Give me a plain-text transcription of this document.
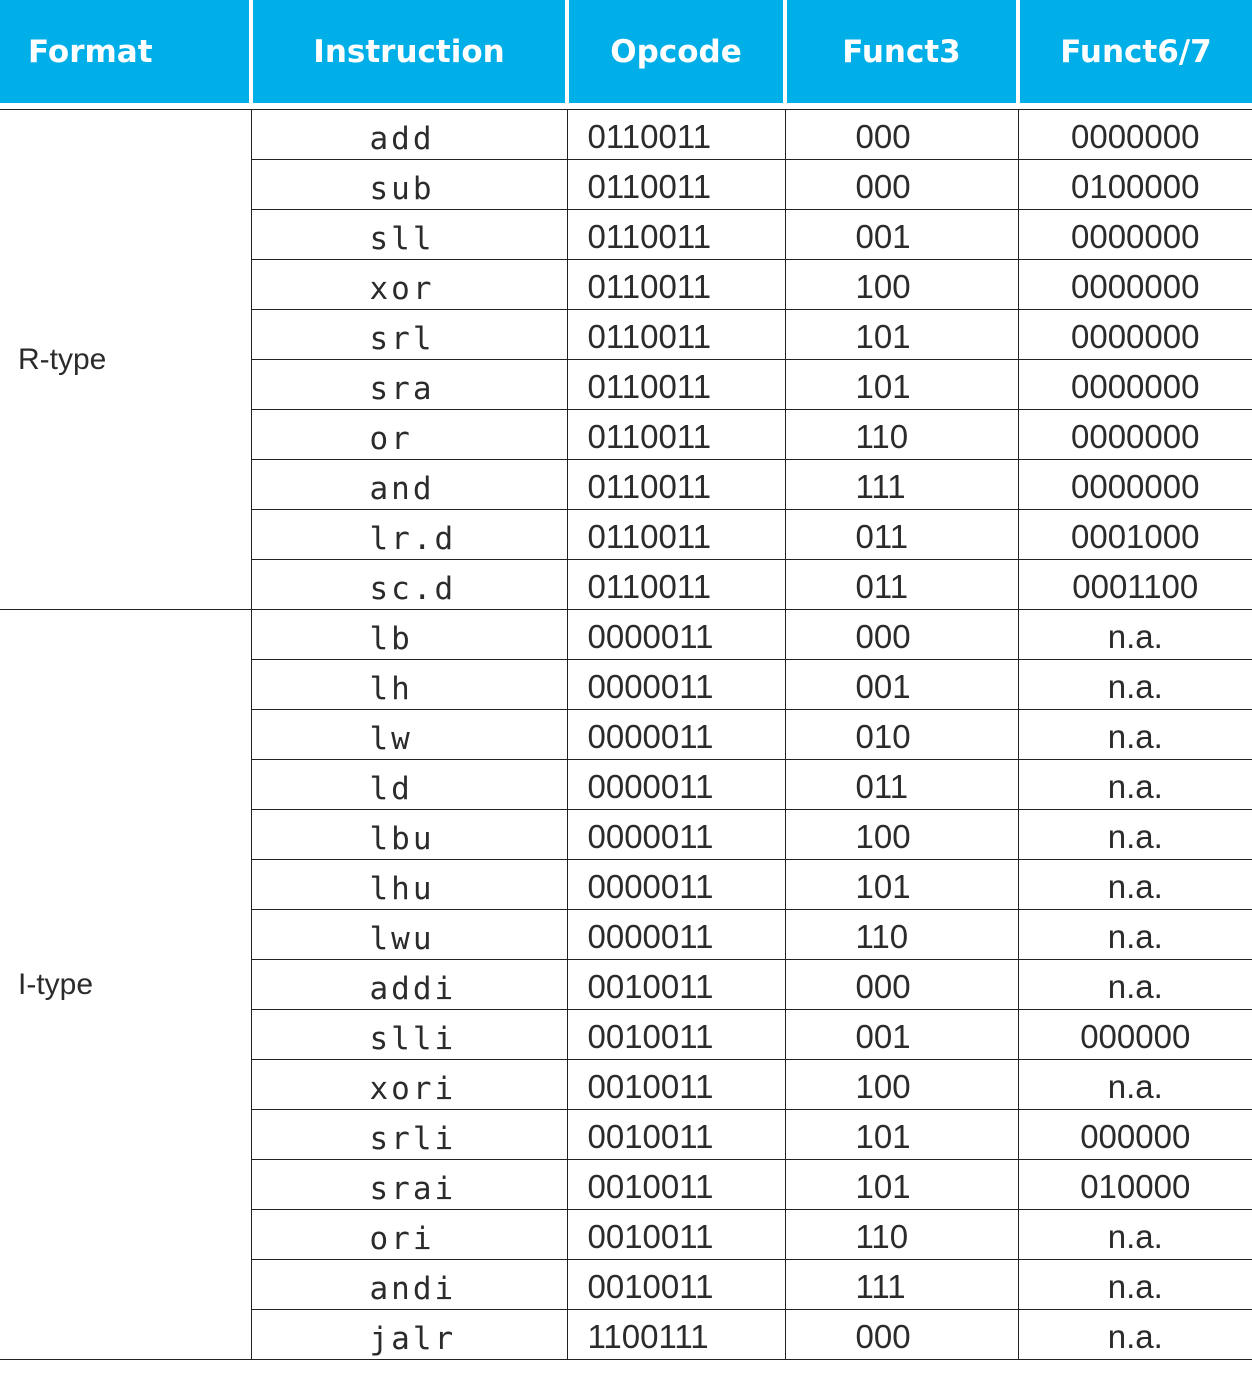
Format	Instruction	Opcode	Funct3	Funct6/7

R-type	add	0110011	000	0000000
	sub	0110011	000	0100000
	sll	0110011	001	0000000
	xor	0110011	100	0000000
	srl	0110011	101	0000000
	sra	0110011	101	0000000
	or	0110011	110	0000000
	and	0110011	111	0000000
	lr.d	0110011	011	0001000
	sc.d	0110011	011	0001100
I-type	lb	0000011	000	n.a.
	lh	0000011	001	n.a.
	lw	0000011	010	n.a.
	ld	0000011	011	n.a.
	lbu	0000011	100	n.a.
	lhu	0000011	101	n.a.
	lwu	0000011	110	n.a.
	addi	0010011	000	n.a.
	slli	0010011	001	000000
	xori	0010011	100	n.a.
	srli	0010011	101	000000
	srai	0010011	101	010000
	ori	0010011	110	n.a.
	andi	0010011	111	n.a.
	jalr	1100111	000	n.a.
